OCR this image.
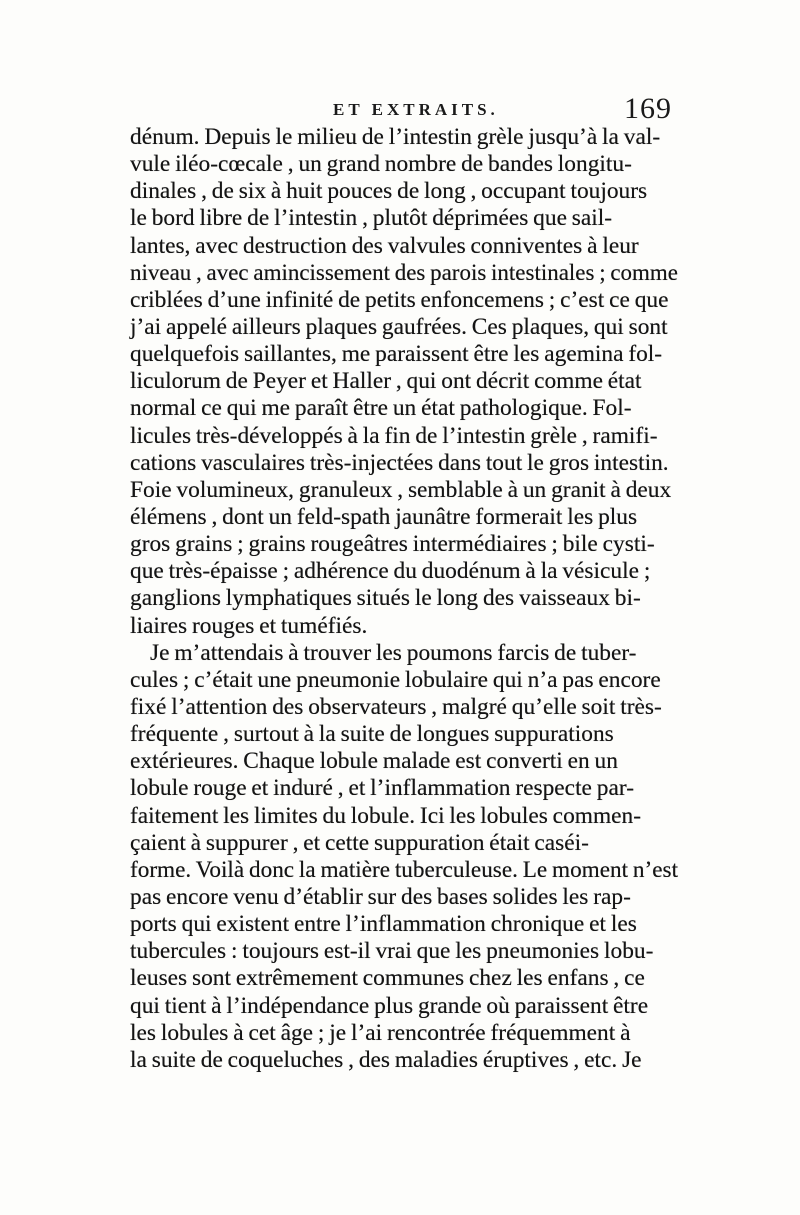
ET EXTRAITS.	169
dénum. Depuis le milieu de l’intestin grèle jusqu’à la val-
vule iléo-cœcale , un grand nombre de bandes longitu-
dinales , de six à huit pouces de long , occupant toujours
le bord libre de l’intestin , plutôt déprimées que sail-
lantes, avec destruction des valvules conniventes à leur
niveau , avec amincissement des parois intestinales ; comme
criblées d’une infinité de petits enfoncemens ; c’est ce que
j’ai appelé ailleurs plaques gaufrées. Ces plaques, qui sont
quelquefois saillantes, me paraissent être les agemina fol-
liculorum de Peyer et Haller , qui ont décrit comme état
normal ce qui me paraît être un état pathologique. Fol-
licules très-développés à la fin de l’intestin grèle , ramifi-
cations vasculaires très-injectées dans tout le gros intestin.
Foie volumineux, granuleux , semblable à un granit à deux
élémens , dont un feld-spath jaunâtre formerait les plus
gros grains ; grains rougeâtres intermédiaires ; bile cysti-
que très-épaisse ; adhérence du duodénum à la vésicule ;
ganglions lymphatiques situés le long des vaisseaux bi-
liaires rouges et tuméfiés.
Je m’attendais à trouver les poumons farcis de tuber-
cules ; c’était une pneumonie lobulaire qui n’a pas encore
fixé l’attention des observateurs , malgré qu’elle soit très-
fréquente , surtout à la suite de longues suppurations
extérieures. Chaque lobule malade est converti en un
lobule rouge et induré , et l’inflammation respecte par-
faitement les limites du lobule. Ici les lobules commen-
çaient à suppurer , et cette suppuration était caséi-
forme. Voilà donc la matière tuberculeuse. Le moment n’est
pas encore venu d’établir sur des bases solides les rap-
ports qui existent entre l’inflammation chronique et les
tubercules : toujours est-il vrai que les pneumonies lobu-
leuses sont extrêmement communes chez les enfans , ce
qui tient à l’indépendance plus grande où paraissent être
les lobules à cet âge ; je l’ai rencontrée fréquemment à
la suite de coqueluches , des maladies éruptives , etc. Je
